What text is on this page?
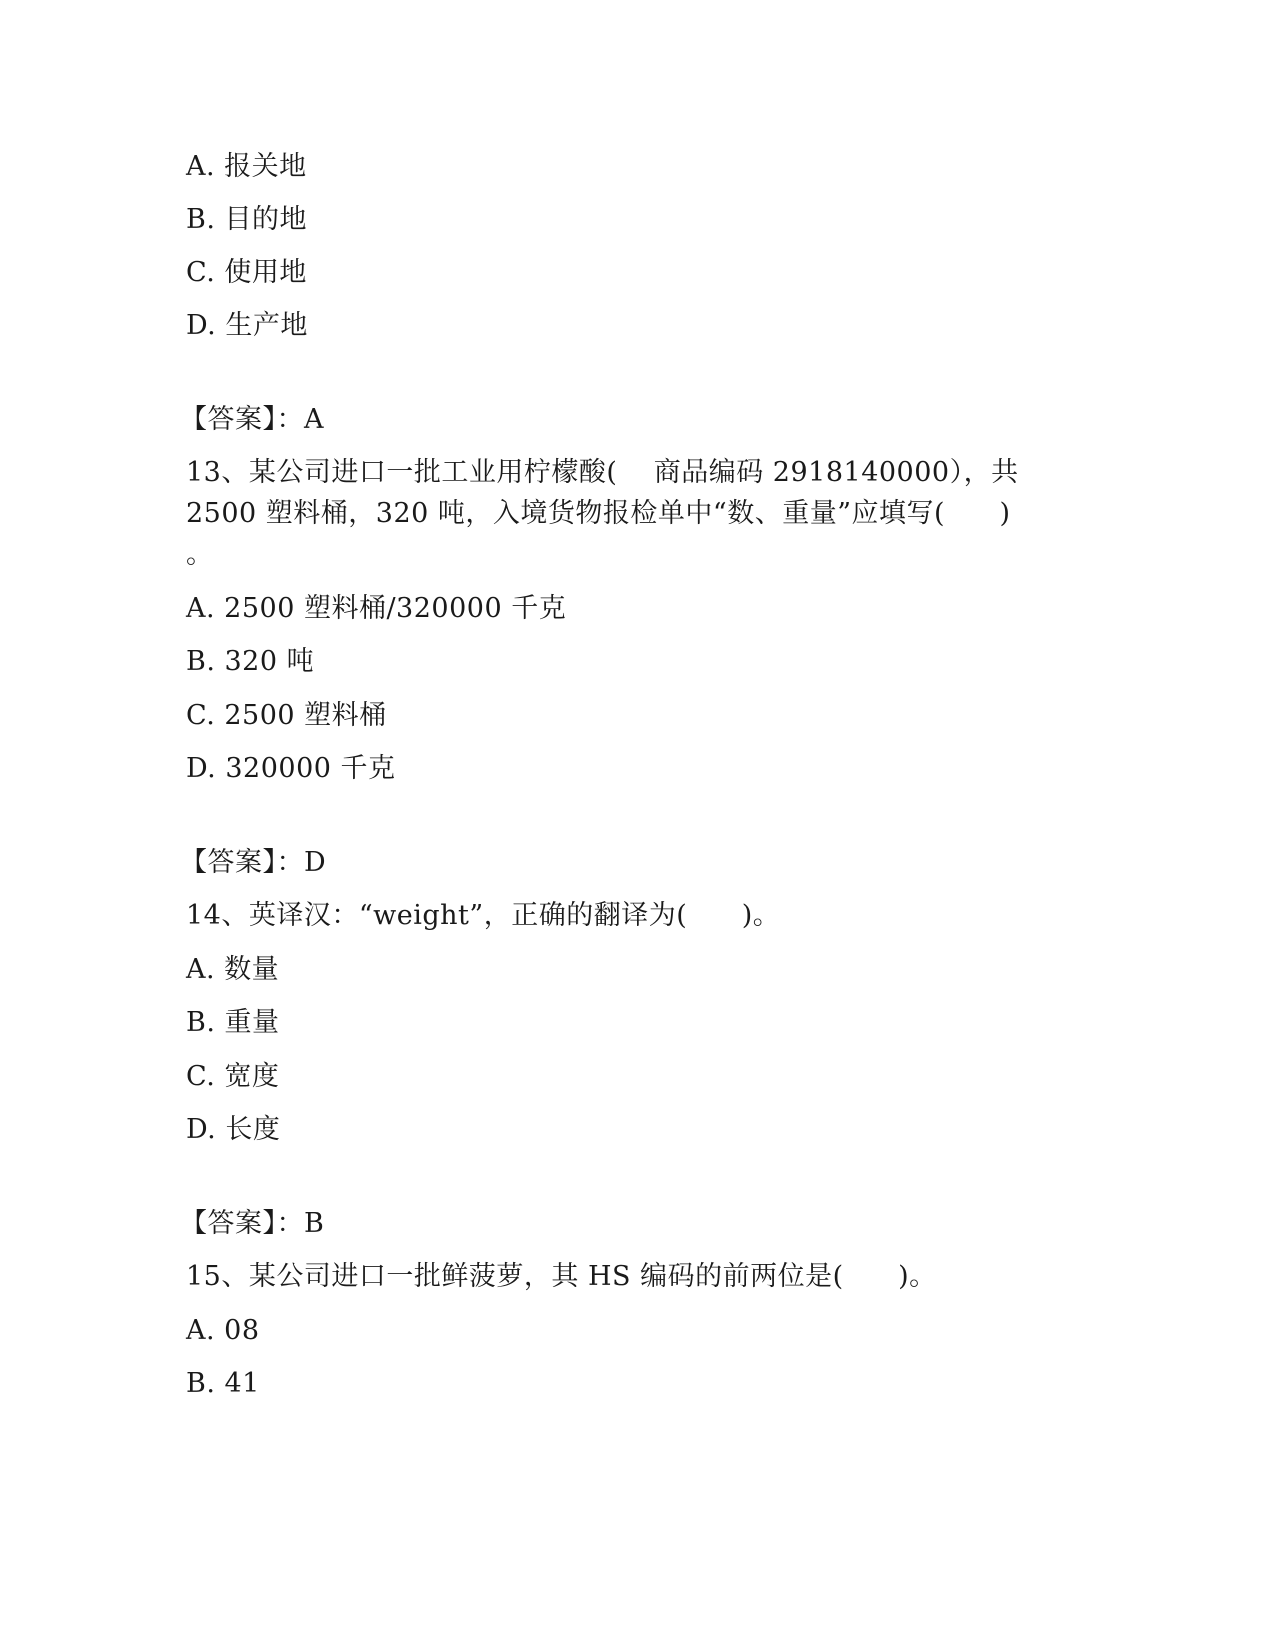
A. 报关地
B. 目的地
C. 使用地
D. 生产地
【答案】：A
13、某公司进口一批工业用柠檬酸(    商品编码 2918140000），共
2500 塑料桶，320 吨，入境货物报检单中“数、重量”应填写(      )
。
A. 2500 塑料桶/320000 千克
B. 320 吨
C. 2500 塑料桶
D. 320000 千克
【答案】：D
14、英译汉：“weight”，正确的翻译为(      )。
A. 数量
B. 重量
C. 宽度
D. 长度
【答案】：B
15、某公司进口一批鲜菠萝，其 HS 编码的前两位是(      )。
A. 08
B. 41
